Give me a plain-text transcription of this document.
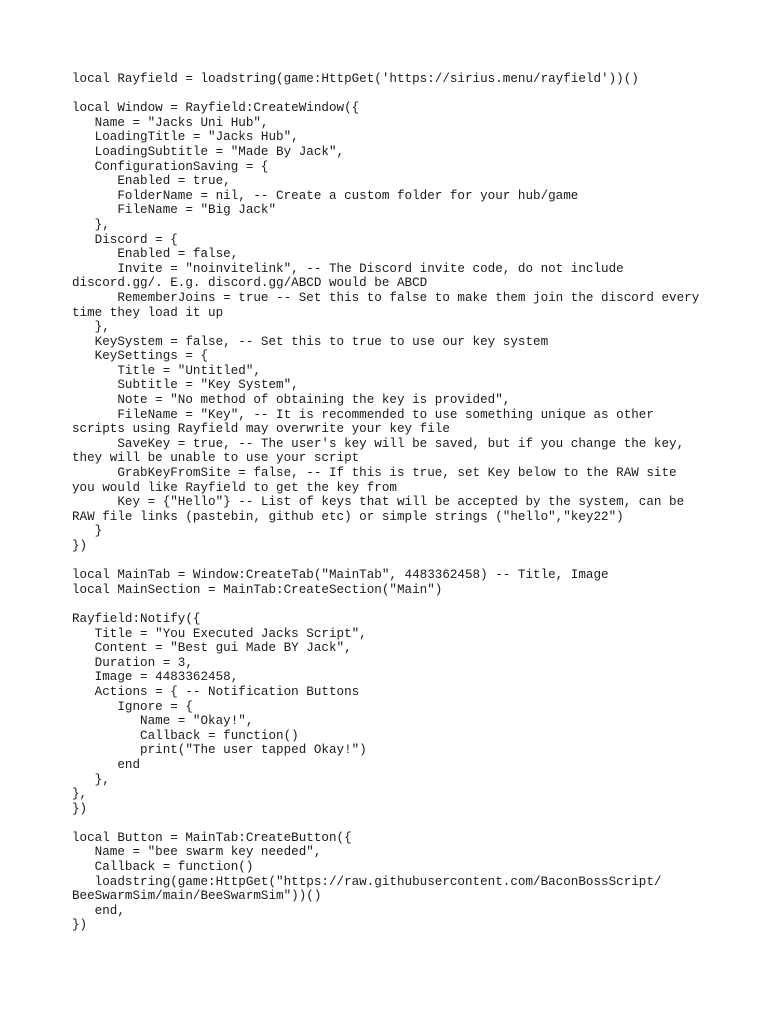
local Rayfield = loadstring(game:HttpGet('https://sirius.menu/rayfield'))()
local Window = Rayfield:CreateWindow({
Name = "Jacks Uni Hub",
LoadingTitle = "Jacks Hub",
LoadingSubtitle = "Made By Jack",
ConfigurationSaving = {
Enabled = true,
FolderName = nil, -- Create a custom folder for your hub/game
FileName = "Big Jack"
},
Discord = {
Enabled = false,
Invite = "noinvitelink", -- The Discord invite code, do not include
discord.gg/. E.g. discord.gg/ABCD would be ABCD
RememberJoins = true -- Set this to false to make them join the discord every
time they load it up
},
KeySystem = false, -- Set this to true to use our key system
KeySettings = {
Title = "Untitled",
Subtitle = "Key System",
Note = "No method of obtaining the key is provided",
FileName = "Key", -- It is recommended to use something unique as other
scripts using Rayfield may overwrite your key file
SaveKey = true, -- The user's key will be saved, but if you change the key,
they will be unable to use your script
GrabKeyFromSite = false, -- If this is true, set Key below to the RAW site
you would like Rayfield to get the key from
Key = {"Hello"} -- List of keys that will be accepted by the system, can be
RAW file links (pastebin, github etc) or simple strings ("hello","key22")
}
})
local MainTab = Window:CreateTab("MainTab", 4483362458) -- Title, Image
local MainSection = MainTab:CreateSection("Main")
Rayfield:Notify({
Title = "You Executed Jacks Script",
Content = "Best gui Made BY Jack",
Duration = 3,
Image = 4483362458,
Actions = { -- Notification Buttons
Ignore = {
Name = "Okay!",
Callback = function()
print("The user tapped Okay!")
end
},
},
})
local Button = MainTab:CreateButton({
Name = "bee swarm key needed",
Callback = function()
loadstring(game:HttpGet("https://raw.githubusercontent.com/BaconBossScript/
BeeSwarmSim/main/BeeSwarmSim"))()
end,
})
